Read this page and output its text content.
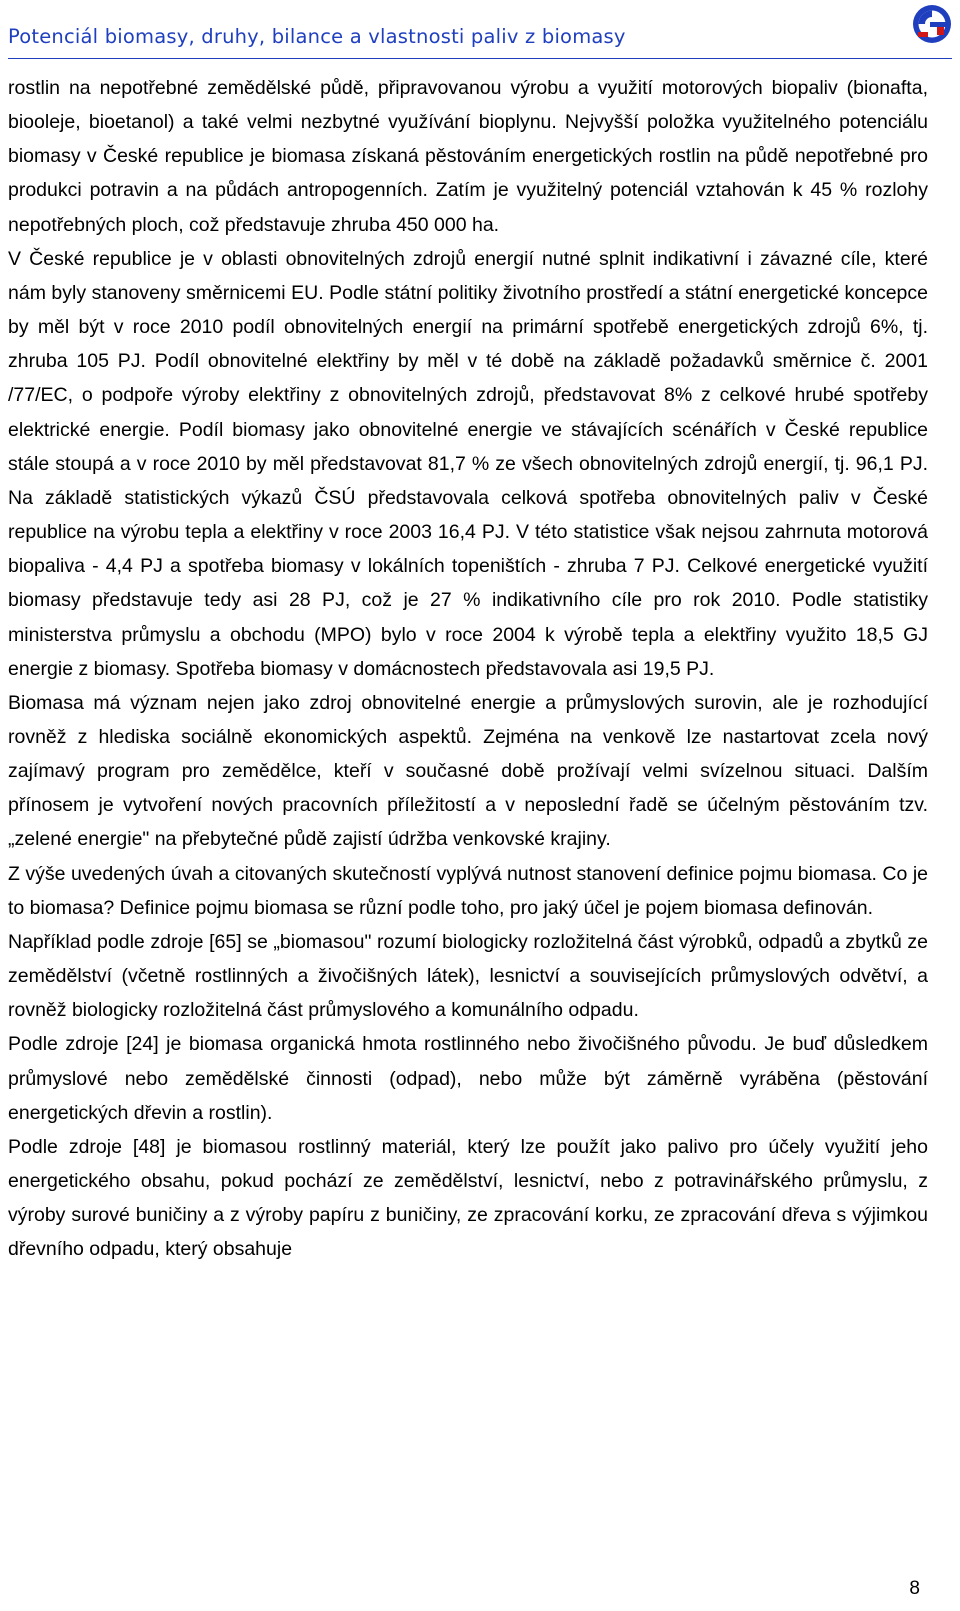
Potenciál biomasy, druhy, bilance a vlastnosti paliv z biomasy

rostlin na nepotřebné zemědělské půdě, připravovanou výrobu a využití motorových biopaliv (bionafta, biooleje, bioetanol) a také velmi nezbytné využívání bioplynu. Nejvyšší položka využitelného potenciálu biomasy v České republice je biomasa získaná pěstováním energetických rostlin na půdě nepotřebné pro produkci potravin a na půdách antropogenních. Zatím je využitelný potenciál vztahován k 45 % rozlohy nepotřebných ploch, což představuje zhruba 450 000 ha.

V České republice je v oblasti obnovitelných zdrojů energií nutné splnit indikativní i závazné cíle, které nám byly stanoveny směrnicemi EU. Podle státní politiky životního prostředí a státní energetické koncepce by měl být v roce 2010 podíl obnovitelných energií na primární spotřebě energetických zdrojů 6%, tj. zhruba 105 PJ. Podíl obnovitelné elektřiny by měl v té době na základě požadavků směrnice č. 2001 /77/EC, o podpoře výroby elektřiny z obnovitelných zdrojů, představovat 8% z celkové hrubé spotřeby elektrické energie. Podíl biomasy jako obnovitelné energie ve stávajících scénářích v České republice stále stoupá a v roce 2010 by měl představovat 81,7 % ze všech obnovitelných zdrojů energií, tj. 96,1 PJ. Na základě statistických výkazů ČSÚ představovala celková spotřeba obnovitelných paliv v České republice na výrobu tepla a elektřiny v roce 2003 16,4 PJ. V této statistice však nejsou zahrnuta motorová biopaliva - 4,4 PJ a spotřeba biomasy v lokálních topeništích - zhruba 7 PJ. Celkové energetické využití biomasy představuje tedy asi 28 PJ, což je 27 % indikativního cíle pro rok 2010. Podle statistiky ministerstva průmyslu a obchodu (MPO) bylo v roce 2004 k výrobě tepla a elektřiny využito 18,5 GJ energie z biomasy. Spotřeba biomasy v domácnostech představovala asi 19,5 PJ.

Biomasa má význam nejen jako zdroj obnovitelné energie a průmyslových surovin, ale je rozhodující rovněž z hlediska sociálně ekonomických aspektů. Zejména na venkově lze nastartovat zcela nový zajímavý program pro zemědělce, kteří v současné době prožívají velmi svízelnou situaci. Dalším přínosem je vytvoření nových pracovních příležitostí a v neposlední řadě se účelným pěstováním tzv. „zelené energie" na přebytečné půdě zajistí údržba venkovské krajiny.

Z výše uvedených úvah a citovaných skutečností vyplývá nutnost stanovení definice pojmu biomasa. Co je to biomasa? Definice pojmu biomasa se různí podle toho, pro jaký účel je pojem biomasa definován.

Například podle zdroje [65] se „biomasou" rozumí biologicky rozložitelná část výrobků, odpadů a zbytků ze zemědělství (včetně rostlinných a živočišných látek), lesnictví a souvisejících průmyslových odvětví, a rovněž biologicky rozložitelná část průmyslového a komunálního odpadu.

Podle zdroje [24] je biomasa organická hmota rostlinného nebo živočišného původu. Je buď důsledkem průmyslové nebo zemědělské činnosti (odpad), nebo může být záměrně vyráběna (pěstování energetických dřevin a rostlin).

Podle zdroje [48] je biomasou rostlinný materiál, který lze použít jako palivo pro účely využití jeho energetického obsahu, pokud pochází ze zemědělství, lesnictví, nebo z potravinářského průmyslu, z výroby surové buničiny a z výroby papíru z buničiny, ze zpracování korku, ze zpracování dřeva s výjimkou dřevního odpadu, který obsahuje

8
